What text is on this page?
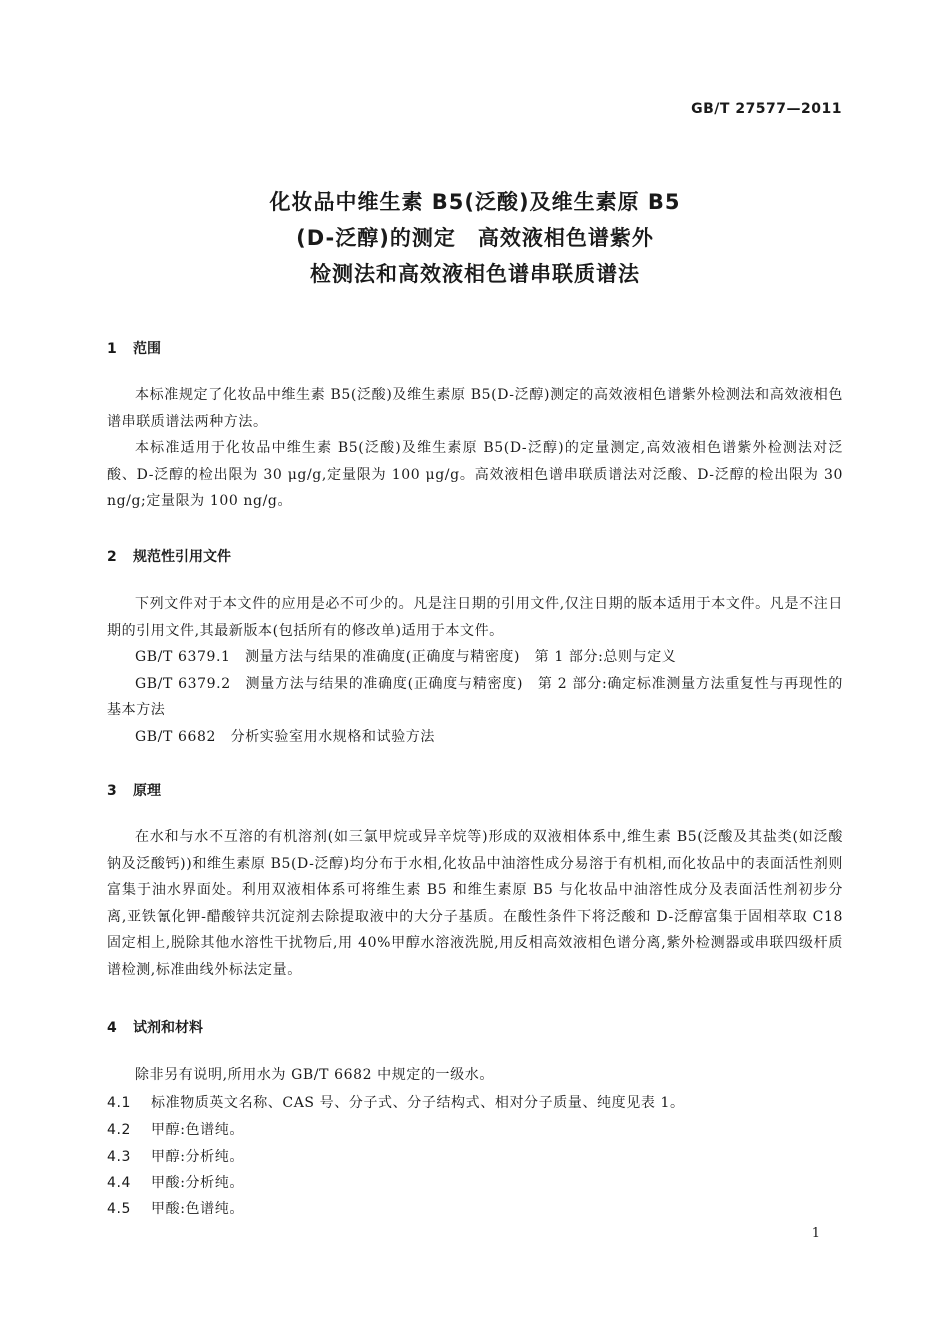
GB/T 27577—2011
化妆品中维生素 B5(泛酸)及维生素原 B5
(D-泛醇)的测定　高效液相色谱紫外
检测法和高效液相色谱串联质谱法
1 范围

本标准规定了化妆品中维生素 B5(泛酸)及维生素原 B5(D-泛醇)测定的高效液相色谱紫外检测法和高效液相色谱串联质谱法两种方法。

本标准适用于化妆品中维生素 B5(泛酸)及维生素原 B5(D-泛醇)的定量测定,高效液相色谱紫外检测法对泛酸、D-泛醇的检出限为 30 μg/g,定量限为 100 μg/g。高效液相色谱串联质谱法对泛酸、D-泛醇的检出限为 30 ng/g;定量限为 100 ng/g。

2 规范性引用文件

下列文件对于本文件的应用是必不可少的。凡是注日期的引用文件,仅注日期的版本适用于本文件。凡是不注日期的引用文件,其最新版本(包括所有的修改单)适用于本文件。

GB/T 6379.1　测量方法与结果的准确度(正确度与精密度)　第 1 部分:总则与定义

GB/T 6379.2　测量方法与结果的准确度(正确度与精密度)　第 2 部分:确定标准测量方法重复性与再现性的基本方法

GB/T 6682　分析实验室用水规格和试验方法

3 原理

在水和与水不互溶的有机溶剂(如三氯甲烷或异辛烷等)形成的双液相体系中,维生素 B5(泛酸及其盐类(如泛酸钠及泛酸钙))和维生素原 B5(D-泛醇)均分布于水相,化妆品中油溶性成分易溶于有机相,而化妆品中的表面活性剂则富集于油水界面处。利用双液相体系可将维生素 B5 和维生素原 B5 与化妆品中油溶性成分及表面活性剂初步分离,亚铁氰化钾-醋酸锌共沉淀剂去除提取液中的大分子基质。在酸性条件下将泛酸和 D-泛醇富集于固相萃取 C18 固定相上,脱除其他水溶性干扰物后,用 40%甲醇水溶液洗脱,用反相高效液相色谱分离,紫外检测器或串联四级杆质谱检测,标准曲线外标法定量。

4 试剂和材料

除非另有说明,所用水为 GB/T 6682 中规定的一级水。

4.1 标准物质英文名称、CAS 号、分子式、分子结构式、相对分子质量、纯度见表 1。
4.2 甲醇:色谱纯。
4.3 甲醇:分析纯。
4.4 甲酸:分析纯。
4.5 甲酸:色谱纯。
1
